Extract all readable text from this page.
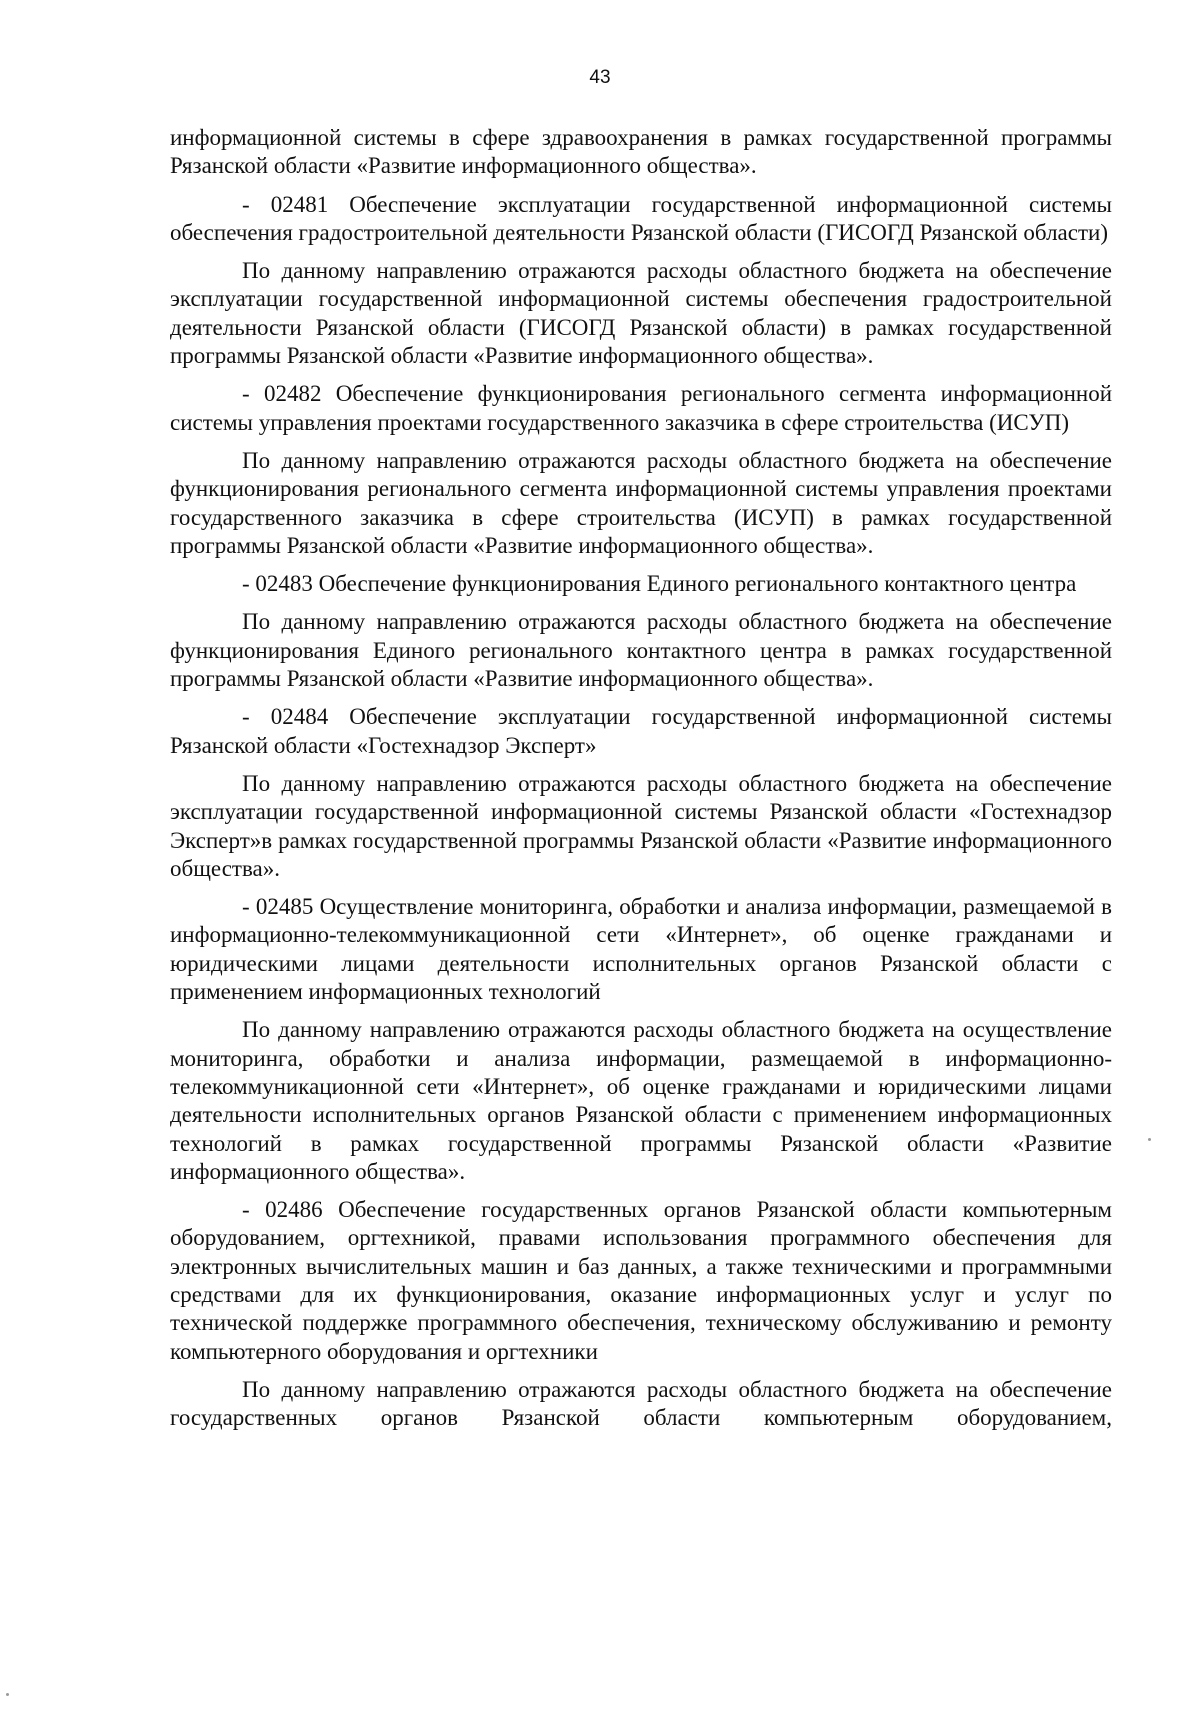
43

информационной системы в сфере здравоохранения в рамках государственной программы Рязанской области «Развитие информационного общества».

- 02481 Обеспечение эксплуатации государственной информационной системы обеспечения градостроительной деятельности Рязанской области (ГИСОГД Рязанской области)

По данному направлению отражаются расходы областного бюджета на обеспечение эксплуатации государственной информационной системы обеспечения градостроительной деятельности Рязанской области (ГИСОГД Рязанской области) в рамках государственной программы Рязанской области «Развитие информационного общества».

- 02482 Обеспечение функционирования регионального сегмента информационной системы управления проектами государственного заказчика в сфере строительства (ИСУП)

По данному направлению отражаются расходы областного бюджета на обеспечение функционирования регионального сегмента информационной системы управления проектами государственного заказчика в сфере строительства (ИСУП) в рамках государственной программы Рязанской области «Развитие информационного общества».

- 02483 Обеспечение функционирования Единого регионального контактного центра

По данному направлению отражаются расходы областного бюджета на обеспечение функционирования Единого регионального контактного центра в рамках государственной программы Рязанской области «Развитие информационного общества».

- 02484 Обеспечение эксплуатации государственной информационной системы Рязанской области «Гостехнадзор Эксперт»

По данному направлению отражаются расходы областного бюджета на обеспечение эксплуатации государственной информационной системы Рязанской области «Гостехнадзор Эксперт»в рамках государственной программы Рязанской области «Развитие информационного общества».

- 02485 Осуществление мониторинга, обработки и анализа информации, размещаемой в информационно-телекоммуникационной сети «Интернет», об оценке гражданами и юридическими лицами деятельности исполнительных органов Рязанской области с применением информационных технологий

По данному направлению отражаются расходы областного бюджета на осуществление мониторинга, обработки и анализа информации, размещаемой в информационно-телекоммуникационной сети «Интернет», об оценке гражданами и юридическими лицами деятельности исполнительных органов Рязанской области с применением информационных технологий в рамках государственной программы Рязанской области «Развитие информационного общества».

- 02486 Обеспечение государственных органов Рязанской области компьютерным оборудованием, оргтехникой, правами использования программного обеспечения для электронных вычислительных машин и баз данных, а также техническими и программными средствами для их функционирования, оказание информационных услуг и услуг по технической поддержке программного обеспечения, техническому обслуживанию и ремонту компьютерного оборудования и оргтехники

По данному направлению отражаются расходы областного бюджета на обеспечение государственных органов Рязанской области компьютерным оборудованием,
